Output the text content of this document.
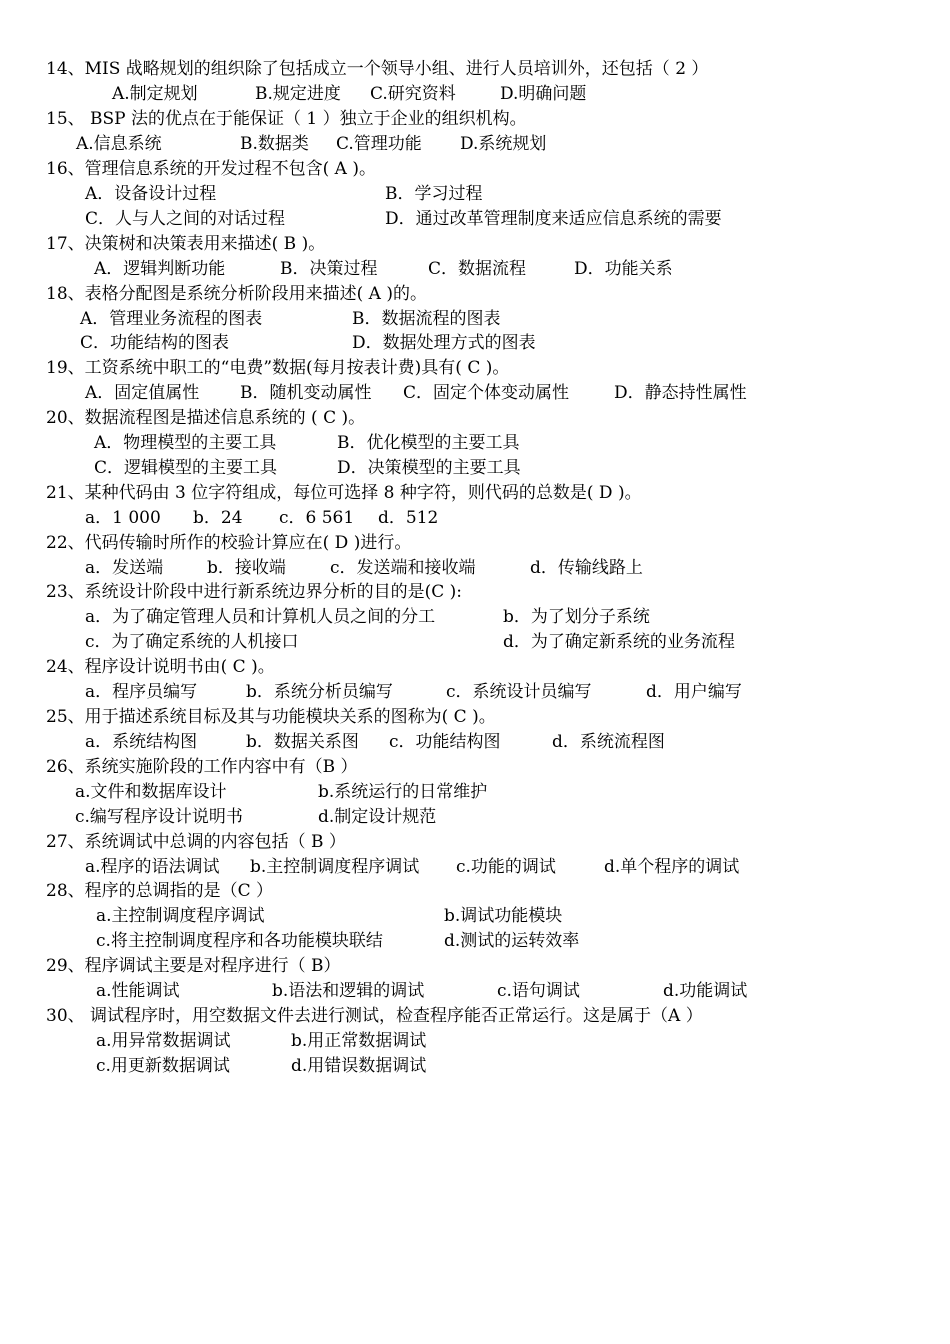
14、MIS 战略规划的组织除了包括成立一个领导小组、进行人员培训外，还包括（ 2 ）
A.制定规划	B.规定进度 C.研究资料	D.明确问题
15、 BSP 法的优点在于能保证（ 1 ）独立于企业的组织机构。
A.信息系统	B.数据类 C.管理功能 D.系统规划
16、管理信息系统的开发过程不包含( A )。
A．设备设计过程	B．学习过程
C．人与人之间的对话过程	D．通过改革管理制度来适应信息系统的需要
17、决策树和决策表用来描述( B )。
A．逻辑判断功能	B．决策过程	C．数据流程	D．功能关系
18、表格分配图是系统分析阶段用来描述( A )的。
A．管理业务流程的图表	B．数据流程的图表
C．功能结构的图表	D．数据处理方式的图表
19、工资系统中职工的“电费”数据(每月按表计费)具有( C )。
A．固定值属性 B．随机变动属性 C．固定个体变动属性	D．静态持性属性
20、数据流程图是描述信息系统的 ( C )。
A．物理模型的主要工具	B．优化模型的主要工具
C．逻辑模型的主要工具	D．决策模型的主要工具
21、某种代码由 3 位字符组成，每位可选择 8 种字符，则代码的总数是( D )。
a．1 000 b．24 c．6 561 d．512
22、代码传输时所作的校验计算应在( D )进行。
a．发送端	b．接收端	c．发送端和接收端	d．传输线路上
23、系统设计阶段中进行新系统边界分析的目的是(C ):
a．为了确定管理人员和计算机人员之间的分工	b．为了划分子系统
c．为了确定系统的人机接口	d．为了确定新系统的业务流程
24、程序设计说明书由( C )。
a．程序员编写	b．系统分析员编写	c．系统设计员编写	d．用户编写
25、用于描述系统目标及其与功能模块关系的图称为( C )。
a．系统结构图	b．数据关系图 c．功能结构图	d．系统流程图
26、系统实施阶段的工作内容中有（B ）
a.文件和数据库设计	b.系统运行的日常维护
c.编写程序设计说明书	d.制定设计规范
27、系统调试中总调的内容包括（ B ）
a.程序的语法调试 b.主控制调度程序调试 c.功能的调试	d.单个程序的调试
28、程序的总调指的是（C ）
a.主控制调度程序调试	b.调试功能模块
c.将主控制调度程序和各功能模块联结	d.测试的运转效率
29、程序调试主要是对程序进行（ B）
a.性能调试	b.语法和逻辑的调试	c.语句调试	d.功能调试
30、 调试程序时，用空数据文件去进行测试，检查程序能否正常运行。这是属于（A ）
a.用异常数据调试	b.用正常数据调试
c.用更新数据调试	d.用错误数据调试
